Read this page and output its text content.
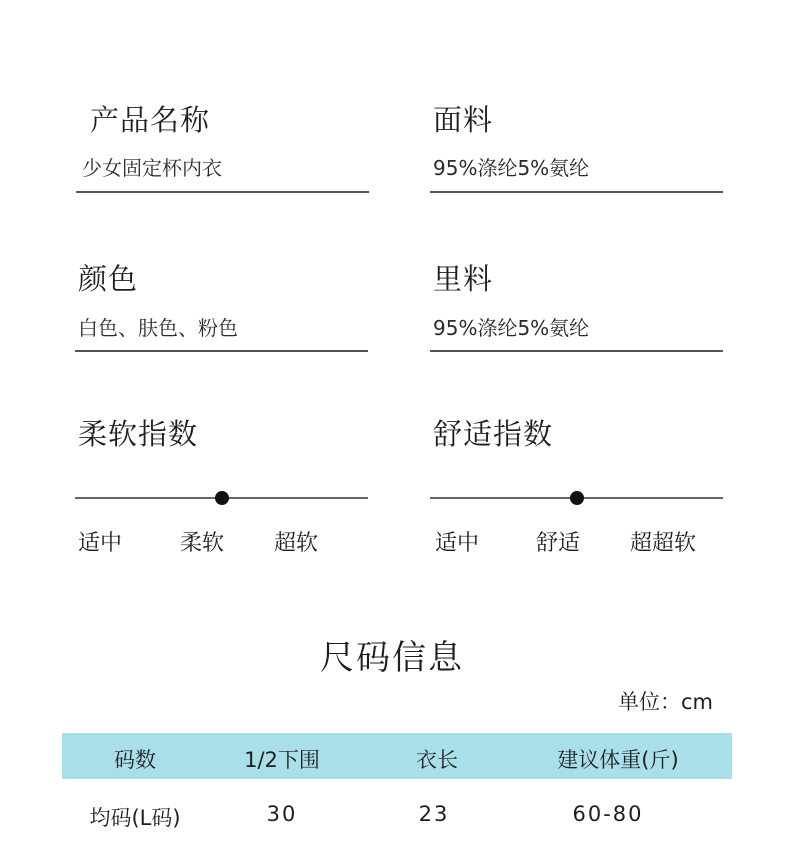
产品名称
少女固定杯内衣
面料
95%涤纶5%氨纶
颜色
白色、肤色、粉色
里料
95%涤纶5%氨纶
柔软指数
适中	柔软 超软
舒适指数
适中	舒适 超超软
尺码信息
单位：cm
码数	1/2下围	衣长	建议体重(斤)
均码(L码)	30	23	60-80
